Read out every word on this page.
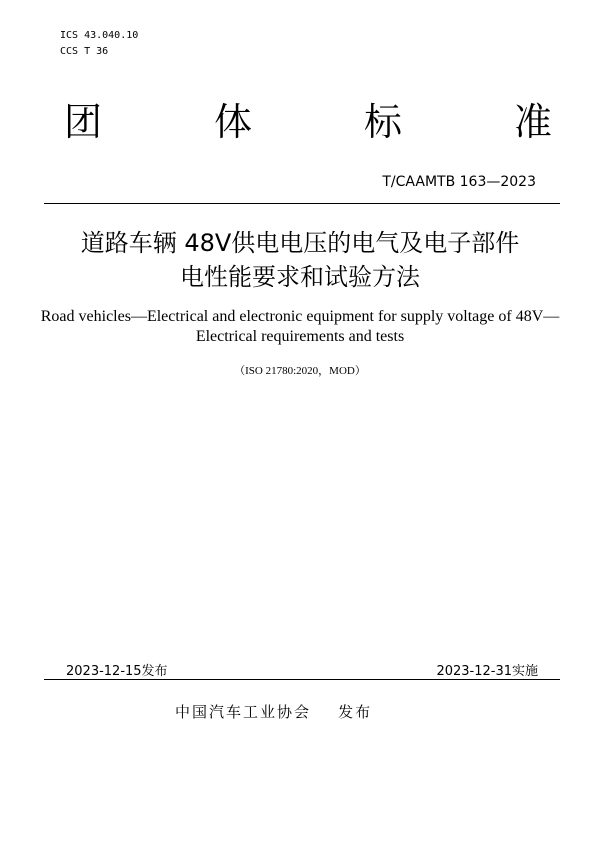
ICS 43.040.10
CCS T 36
团	体	标	准
T/CAAMTB 163—2023
道路车辆 48V供电电压的电气及电子部件
电性能要求和试验方法
Road vehicles—Electrical and electronic equipment for supply voltage of 48V—
Electrical requirements and tests
（ISO 21780:2020，MOD）
2023-12-15发布	2023-12-31实施
中国汽车工业协会    发布
